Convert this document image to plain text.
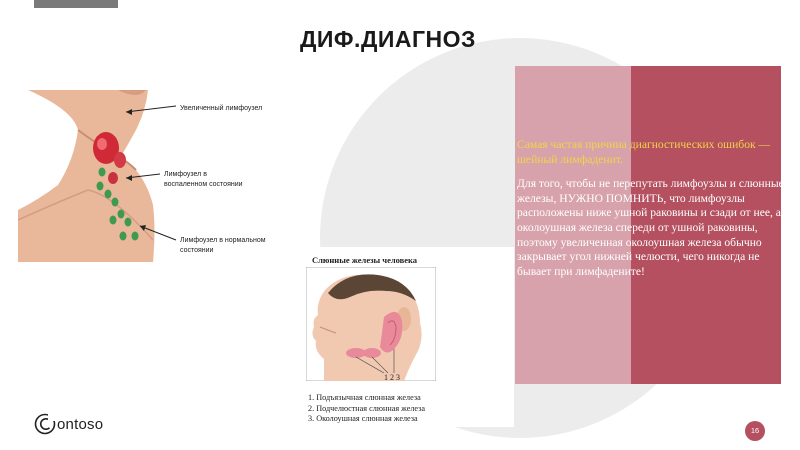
ДИФ.ДИАГНОЗ

Самая частая причина диагностических ошибок — шейный лимфаденит.

Для того, чтобы не перепутать лимфоузлы и слюнные железы, НУЖНО ПОМНИТЬ, что лимфоузлы расположены ниже ушной раковины и сзади от нее, а околоушная железа спереди от ушной раковины, поэтому увеличенная околоушная железа обычно закрывает угол нижней челюсти, чего никогда не бывает при лимфадените!

Увеличенный лимфоузел
Лимфоузел в
воспаленном состоянии
Лимфоузел в нормальном
состоянии
Слюнные железы человека
1 2 3
1. Подъязычная слюнная железа
2. Подчелюстная слюнная железа
3. Околоушная слюнная железа
ontoso	16
